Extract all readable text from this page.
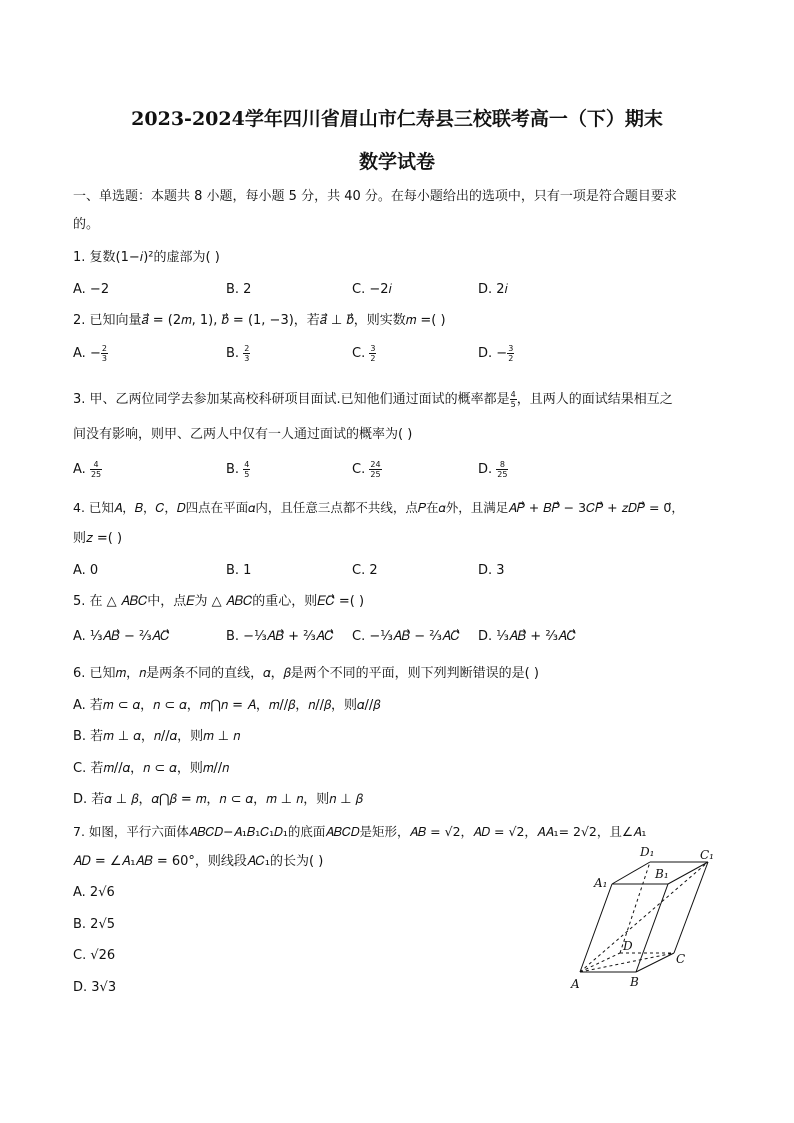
2023-2024学年四川省眉山市仁寿县三校联考高一（下）期末
数学试卷
一、单选题：本题共 8 小题，每小题 5 分，共 40 分。在每小题给出的选项中，只有一项是符合题目要求
的。
1. 复数(1−𝑖)²的虚部为( )
A. −2	B. 2	C. −2𝑖	D. 2𝑖
2. 已知向量𝑎⃗ = (2𝑚, 1), 𝑏⃗ = (1, −3)，若𝑎⃗ ⊥ 𝑏⃗，则实数𝑚 =( )
A. − $\frac{2}{3}$	B. $\frac{2}{3}$	C. $\frac{3}{2}$	D. − $\frac{3}{2}$
3. 甲、乙两位同学去参加某高校科研项目面试.已知他们通过面试的概率都是 $\frac{4}{5}$ ，且两人的面试结果相互之
间没有影响，则甲、乙两人中仅有一人通过面试的概率为( )
A. $\frac{4}{25}$	B. $\frac{4}{5}$	C. $\frac{24}{25}$	D. $\frac{8}{25}$
4. 已知𝐴，𝐵，𝐶，𝐷四点在平面𝛼内，且任意三点都不共线，点𝑃在𝛼外，且满足𝐴𝑃⃗ + 𝐵𝑃⃗ − 3𝐶𝑃⃗ + 𝑧𝐷𝑃⃗ = 0⃗，
则𝑧 =( )
A. 0	B. 1	C. 2	D. 3
5. 在 △ 𝐴𝐵𝐶中，点𝐸为 △ 𝐴𝐵𝐶的重心，则𝐸𝐶⃗ =( )
A. ⅓𝐴𝐵⃗ − ⅔𝐴𝐶⃗	B. −⅓𝐴𝐵⃗ + ⅔𝐴𝐶⃗ C. −⅓𝐴𝐵⃗ − ⅔𝐴𝐶⃗ D. ⅓𝐴𝐵⃗ + ⅔𝐴𝐶⃗
6. 已知𝑚，𝑛是两条不同的直线，𝛼，𝛽是两个不同的平面，则下列判断错误的是( )
A. 若𝑚 ⊂ 𝛼，𝑛 ⊂ 𝛼，𝑚⋂𝑛 = 𝐴，𝑚//𝛽，𝑛//𝛽，则𝛼//𝛽
B. 若𝑚 ⊥ 𝛼，𝑛//𝛼，则𝑚 ⊥ 𝑛
C. 若𝑚//𝛼，𝑛 ⊂ 𝛼，则𝑚//𝑛
D. 若𝛼 ⊥ 𝛽，𝛼⋂𝛽 = 𝑚，𝑛 ⊂ 𝛼，𝑚 ⊥ 𝑛，则𝑛 ⊥ 𝛽
7. 如图，平行六面体𝐴𝐵𝐶𝐷−𝐴₁𝐵₁𝐶₁𝐷₁的底面𝐴𝐵𝐶𝐷是矩形，𝐴𝐵 = √2，𝐴𝐷 = √2，𝐴𝐴₁= 2√2，且∠𝐴₁
𝐴𝐷 = ∠𝐴₁𝐴𝐵 = 60°，则线段𝐴𝐶₁的长为( )
A. 2√6
B. 2√5
C. √26
D. 3√3
D₁	C₁
A₁
B₁
D
C
A	B
